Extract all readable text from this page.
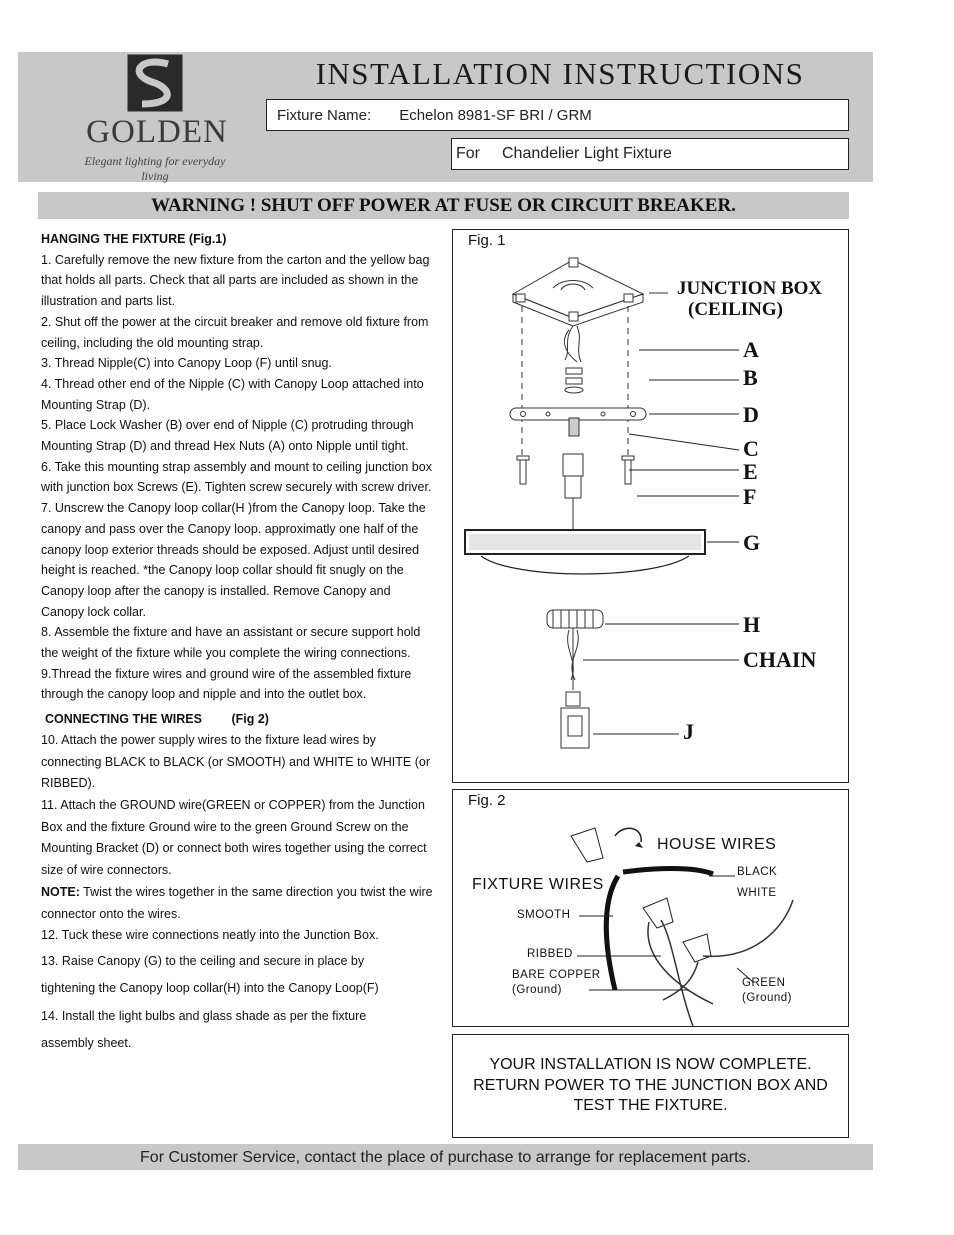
GOLDEN
Elegant lighting for everyday living
INSTALLATION INSTRUCTIONS
Fixture Name: Echelon 8981-SF BRI / GRM
For Chandelier Light Fixture
WARNING ! SHUT OFF POWER AT FUSE OR CIRCUIT BREAKER.

HANGING THE FIXTURE (Fig.1)

1. Carefully remove the new fixture from the carton and the yellow bag that holds all parts. Check that all parts are included as shown in the illustration and parts list.

2. Shut off the power at the circuit breaker and remove old fixture from ceiling, including the old mounting strap.

3. Thread Nipple(C) into Canopy Loop (F) until snug.

4. Thread other end of the Nipple (C) with Canopy Loop attached into Mounting Strap (D).

5. Place Lock Washer (B) over end of Nipple (C) protruding through Mounting Strap (D) and thread Hex Nuts (A) onto Nipple until tight.

6. Take this mounting strap assembly and mount to ceiling junction box with junction box Screws (E). Tighten screw securely with screw driver.

7. Unscrew the Canopy loop collar(H )from the Canopy loop. Take the canopy and pass over the Canopy loop. approximatly one half of the canopy loop exterior threads should be exposed. Adjust until desired height is reached. *the Canopy loop collar should fit snugly on the Canopy loop after the canopy is installed. Remove Canopy and Canopy lock collar.

8. Assemble the fixture and have an assistant or secure support hold the weight of the fixture while you complete the wiring connections.

9.Thread the fixture wires and ground wire of the assembled fixture through the canopy loop and nipple and into the outlet box.

CONNECTING THE WIRES (Fig 2)

10. Attach the power supply wires to the fixture lead wires by connecting BLACK to BLACK (or SMOOTH) and WHITE to WHITE (or RIBBED).

11. Attach the GROUND wire(GREEN or COPPER) from the Junction Box and the fixture Ground wire to the green Ground Screw on the Mounting Bracket (D) or connect both wires together using the correct size of wire connectors.

NOTE: Twist the wires together in the same direction you twist the wire connector onto the wires.

12. Tuck these wire connections neatly into the Junction Box.

13. Raise Canopy (G) to the ceiling and secure in place by

tightening the Canopy loop collar(H) into the Canopy Loop(F)

14. Install the light bulbs and glass shade as per the fixture

assembly sheet.

Fig. 1
JUNCTION BOX
(CEILING)
A
B
D
C
E
F
G
H
CHAIN
J
Fig. 2
HOUSE WIRES
BLACK
WHITE
FIXTURE WIRES
SMOOTH
RIBBED
BARE COPPER
(Ground)
GREEN
(Ground)
YOUR INSTALLATION IS NOW COMPLETE.
RETURN POWER TO THE JUNCTION BOX AND
TEST THE FIXTURE.
For Customer Service, contact the place of purchase to arrange for replacement parts.
